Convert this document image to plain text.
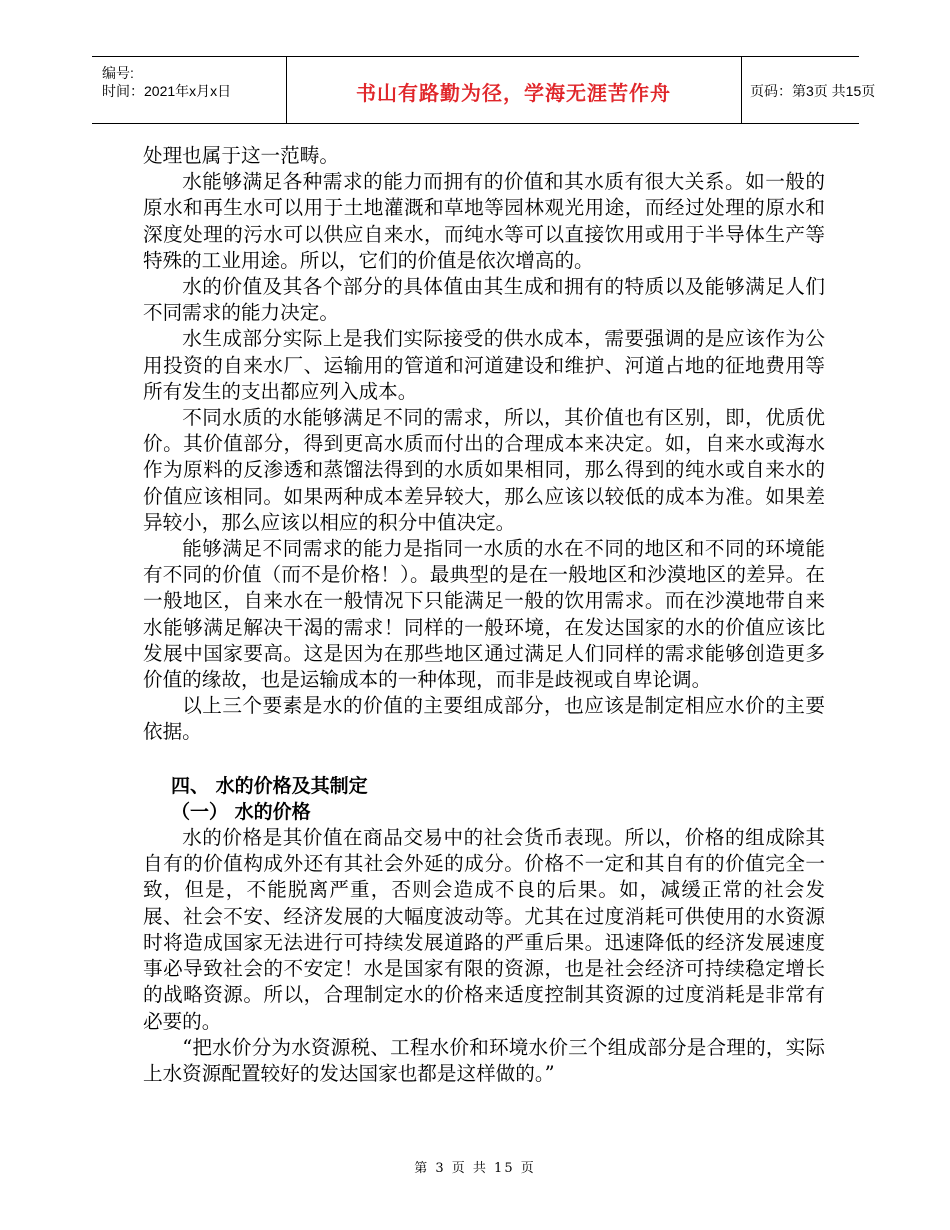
编号:
时间：2021年x月x日	书山有路勤为径，学海无涯苦作舟	页码：第3页 共15页

处理也属于这一范畴。

水能够满足各种需求的能力而拥有的价值和其水质有很大关系。如一般的原水和再生水可以用于土地灌溉和草地等园林观光用途，而经过处理的原水和深度处理的污水可以供应自来水，而纯水等可以直接饮用或用于半导体生产等特殊的工业用途。所以，它们的价值是依次增高的。

水的价值及其各个部分的具体值由其生成和拥有的特质以及能够满足人们不同需求的能力决定。

水生成部分实际上是我们实际接受的供水成本，需要强调的是应该作为公用投资的自来水厂、运输用的管道和河道建设和维护、河道占地的征地费用等所有发生的支出都应列入成本。

不同水质的水能够满足不同的需求，所以，其价值也有区别，即，优质优价。其价值部分，得到更高水质而付出的合理成本来决定。如，自来水或海水作为原料的反渗透和蒸馏法得到的水质如果相同，那么得到的纯水或自来水的价值应该相同。如果两种成本差异较大，那么应该以较低的成本为准。如果差异较小，那么应该以相应的积分中值决定。

能够满足不同需求的能力是指同一水质的水在不同的地区和不同的环境能有不同的价值（而不是价格！）。最典型的是在一般地区和沙漠地区的差异。在一般地区，自来水在一般情况下只能满足一般的饮用需求。而在沙漠地带自来水能够满足解决干渴的需求！同样的一般环境，在发达国家的水的价值应该比发展中国家要高。这是因为在那些地区通过满足人们同样的需求能够创造更多价值的缘故，也是运输成本的一种体现，而非是歧视或自卑论调。

以上三个要素是水的价值的主要组成部分，也应该是制定相应水价的主要依据。

四、 水的价格及其制定
（一） 水的价格

水的价格是其价值在商品交易中的社会货币表现。所以，价格的组成除其自有的价值构成外还有其社会外延的成分。价格不一定和其自有的价值完全一致，但是，不能脱离严重，否则会造成不良的后果。如，减缓正常的社会发展、社会不安、经济发展的大幅度波动等。尤其在过度消耗可供使用的水资源时将造成国家无法进行可持续发展道路的严重后果。迅速降低的经济发展速度事必导致社会的不安定！水是国家有限的资源，也是社会经济可持续稳定增长的战略资源。所以，合理制定水的价格来适度控制其资源的过度消耗是非常有必要的。

“把水价分为水资源税、工程水价和环境水价三个组成部分是合理的，实际上水资源配置较好的发达国家也都是这样做的。”

第 3 页 共 15 页
